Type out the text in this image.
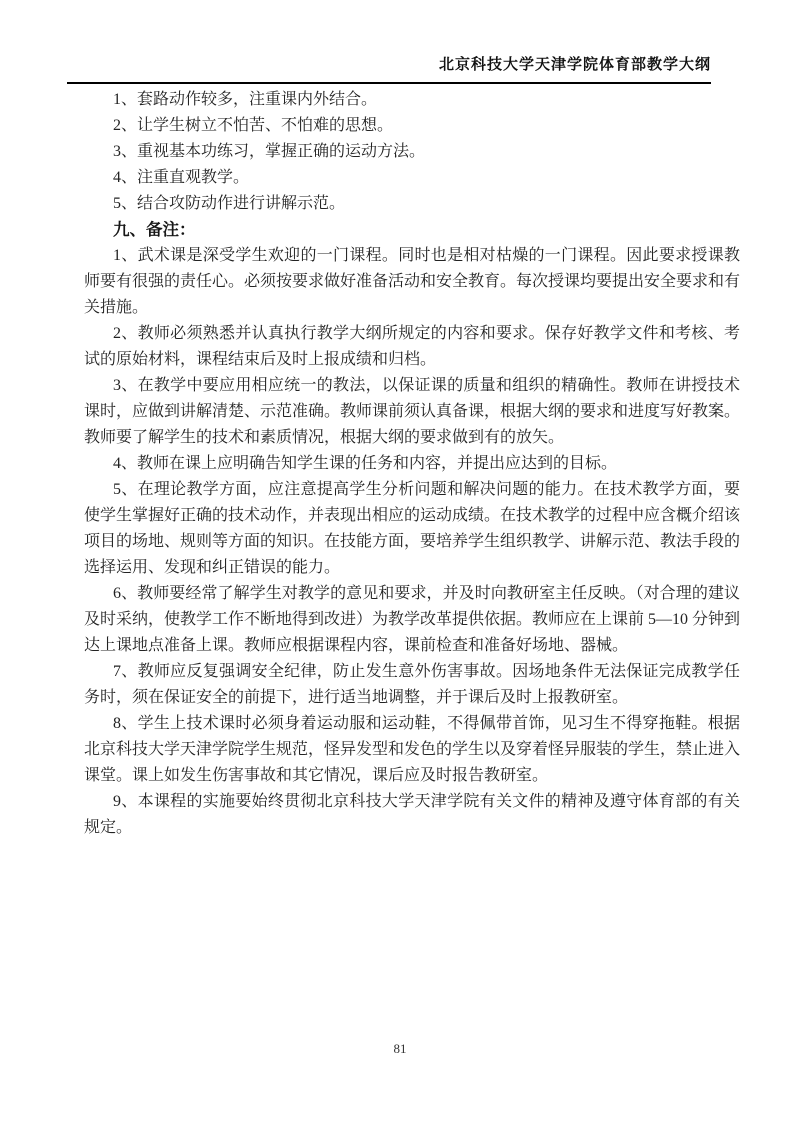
北京科技大学天津学院体育部教学大纲

1、套路动作较多，注重课内外结合。

2、让学生树立不怕苦、不怕难的思想。

3、重视基本功练习，掌握正确的运动方法。

4、注重直观教学。

5、结合攻防动作进行讲解示范。

九、备注：

1、武术课是深受学生欢迎的一门课程。同时也是相对枯燥的一门课程。因此要求授课教师要有很强的责任心。必须按要求做好准备活动和安全教育。每次授课均要提出安全要求和有关措施。

2、教师必须熟悉并认真执行教学大纲所规定的内容和要求。保存好教学文件和考核、考试的原始材料，课程结束后及时上报成绩和归档。

3、在教学中要应用相应统一的教法，以保证课的质量和组织的精确性。教师在讲授技术课时，应做到讲解清楚、示范准确。教师课前须认真备课，根据大纲的要求和进度写好教案。教师要了解学生的技术和素质情况，根据大纲的要求做到有的放矢。

4、教师在课上应明确告知学生课的任务和内容，并提出应达到的目标。

5、在理论教学方面，应注意提高学生分析问题和解决问题的能力。在技术教学方面，要使学生掌握好正确的技术动作，并表现出相应的运动成绩。在技术教学的过程中应含概介绍该项目的场地、规则等方面的知识。在技能方面，要培养学生组织教学、讲解示范、教法手段的选择运用、发现和纠正错误的能力。

6、教师要经常了解学生对教学的意见和要求，并及时向教研室主任反映。（对合理的建议及时采纳，使教学工作不断地得到改进）为教学改革提供依据。教师应在上课前 5—10 分钟到达上课地点准备上课。教师应根据课程内容，课前检查和准备好场地、器械。

7、教师应反复强调安全纪律，防止发生意外伤害事故。因场地条件无法保证完成教学任务时，须在保证安全的前提下，进行适当地调整，并于课后及时上报教研室。

8、学生上技术课时必须身着运动服和运动鞋，不得佩带首饰，见习生不得穿拖鞋。根据北京科技大学天津学院学生规范，怪异发型和发色的学生以及穿着怪异服装的学生，禁止进入课堂。课上如发生伤害事故和其它情况，课后应及时报告教研室。

9、本课程的实施要始终贯彻北京科技大学天津学院有关文件的精神及遵守体育部的有关规定。

81
